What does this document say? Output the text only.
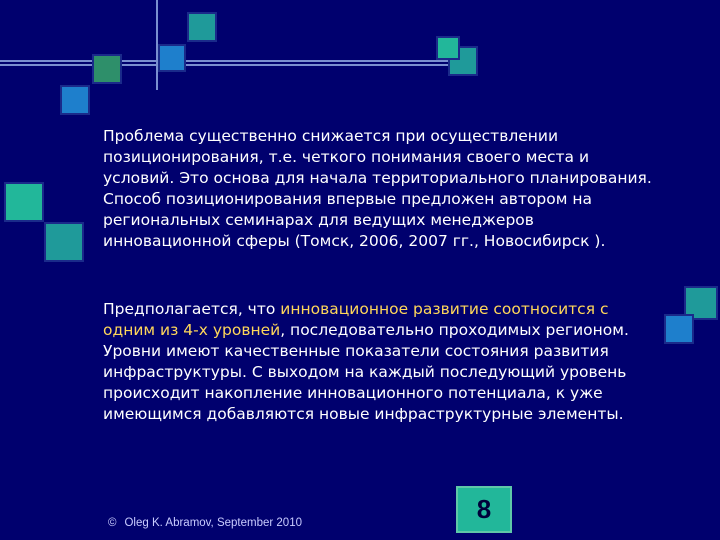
Проблема существенно снижается при осуществлении позиционирования, т.е. четкого понимания своего места и условий. Это основа для начала территориального планирования. Способ позиционирования впервые предложен автором на региональных семинарах для ведущих менеджеров инновационной сферы (Томск, 2006, 2007 гг., Новосибирск ).
Предполагается, что инновационное развитие соотносится с одним из 4-х уровней, последовательно проходимых регионом. Уровни имеют качественные показатели состояния развития инфраструктуры. С выходом на каждый последующий уровень происходит накопление инновационного потенциала, к уже имеющимся добавляются новые инфраструктурные элементы.
© Oleg K. Abramov, September 2010	8
